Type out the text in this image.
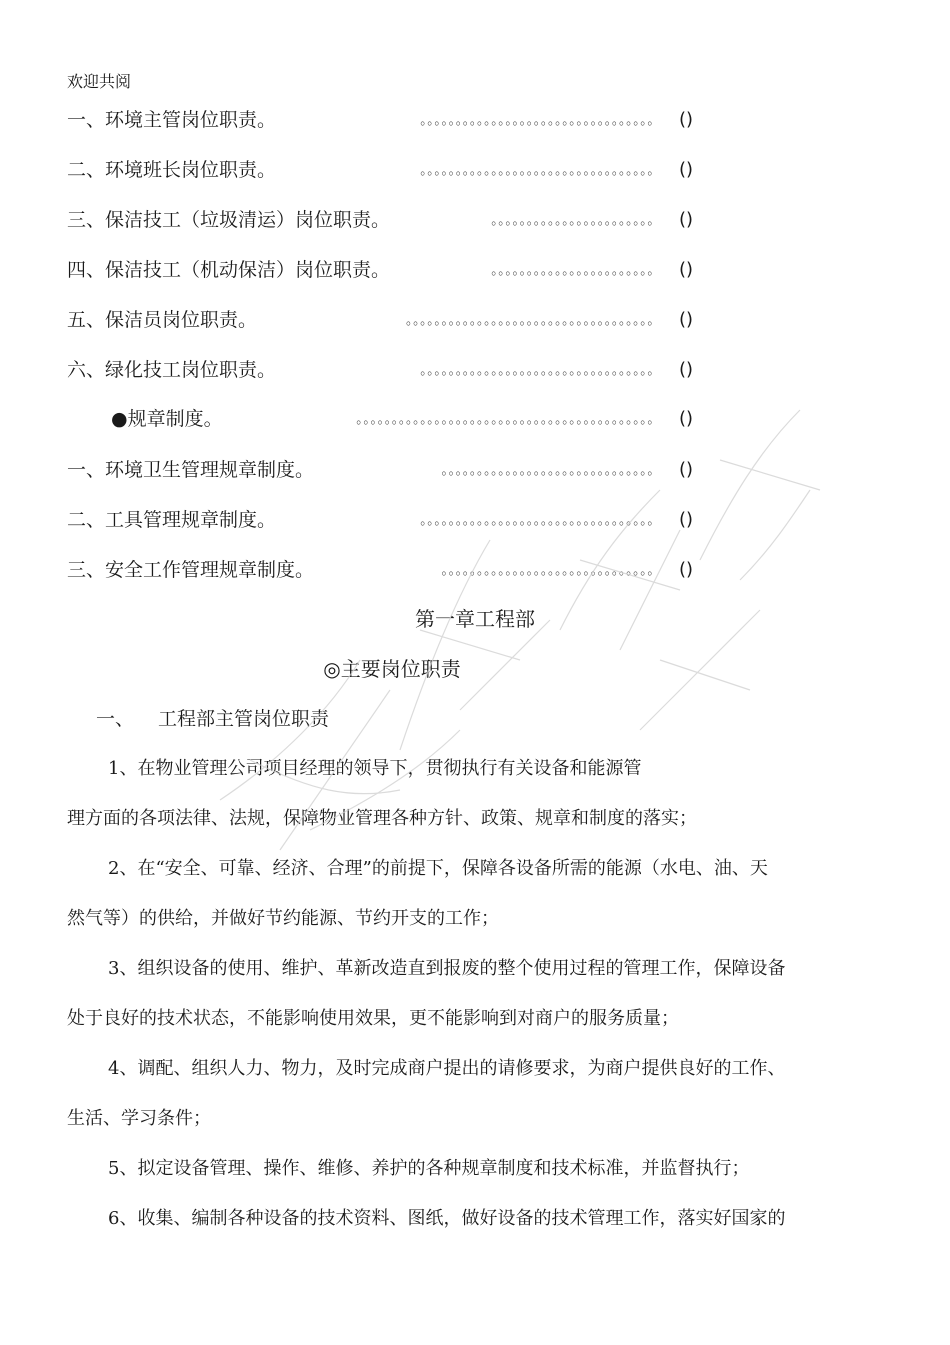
欢迎共阅
一、环境主管岗位职责。	。。。。。。。。。。。。。。。。。。。。。。。。。。。。。。。。。 ()
二、环境班长岗位职责。	。。。。。。。。。。。。。。。。。。。。。。。。。。。。。。。。。 ()
三、保洁技工（垃圾清运）岗位职责。	。。。。。。。。。。。。。。。。。。。。。。。 ()
四、保洁技工（机动保洁）岗位职责。	。。。。。。。。。。。。。。。。。。。。。。。 ()
五、保洁员岗位职责。	。。。。。。。。。。。。。。。。。。。。。。。。。。。。。。。。。。。 ()
六、绿化技工岗位职责。	。。。。。。。。。。。。。。。。。。。。。。。。。。。。。。。。。 ()
●规章制度。	。。。。。。。。。。。。。。。。。。。。。。。。。。。。。。。。。。。。。。。。。。 ()
一、环境卫生管理规章制度。	。。。。。。。。。。。。。。。。。。。。。。。。。。。。。。 ()
二、工具管理规章制度。	。。。。。。。。。。。。。。。。。。。。。。。。。。。。。。。。。 ()
三、安全工作管理规章制度。	。。。。。。。。。。。。。。。。。。。。。。。。。。。。。。 ()
第一章工程部
◎主要岗位职责
一、 工程部主管岗位职责
1、在物业管理公司项目经理的领导下，贯彻执行有关设备和能源管
理方面的各项法律、法规，保障物业管理各种方针、政策、规章和制度的落实；
2、在“安全、可靠、经济、合理”的前提下，保障各设备所需的能源（水电、油、天
然气等）的供给，并做好节约能源、节约开支的工作；
3、组织设备的使用、维护、革新改造直到报废的整个使用过程的管理工作，保障设备
处于良好的技术状态，不能影响使用效果，更不能影响到对商户的服务质量；
4、调配、组织人力、物力，及时完成商户提出的请修要求，为商户提供良好的工作、
生活、学习条件；
5、拟定设备管理、操作、维修、养护的各种规章制度和技术标准，并监督执行；
6、收集、编制各种设备的技术资料、图纸，做好设备的技术管理工作，落实好国家的
